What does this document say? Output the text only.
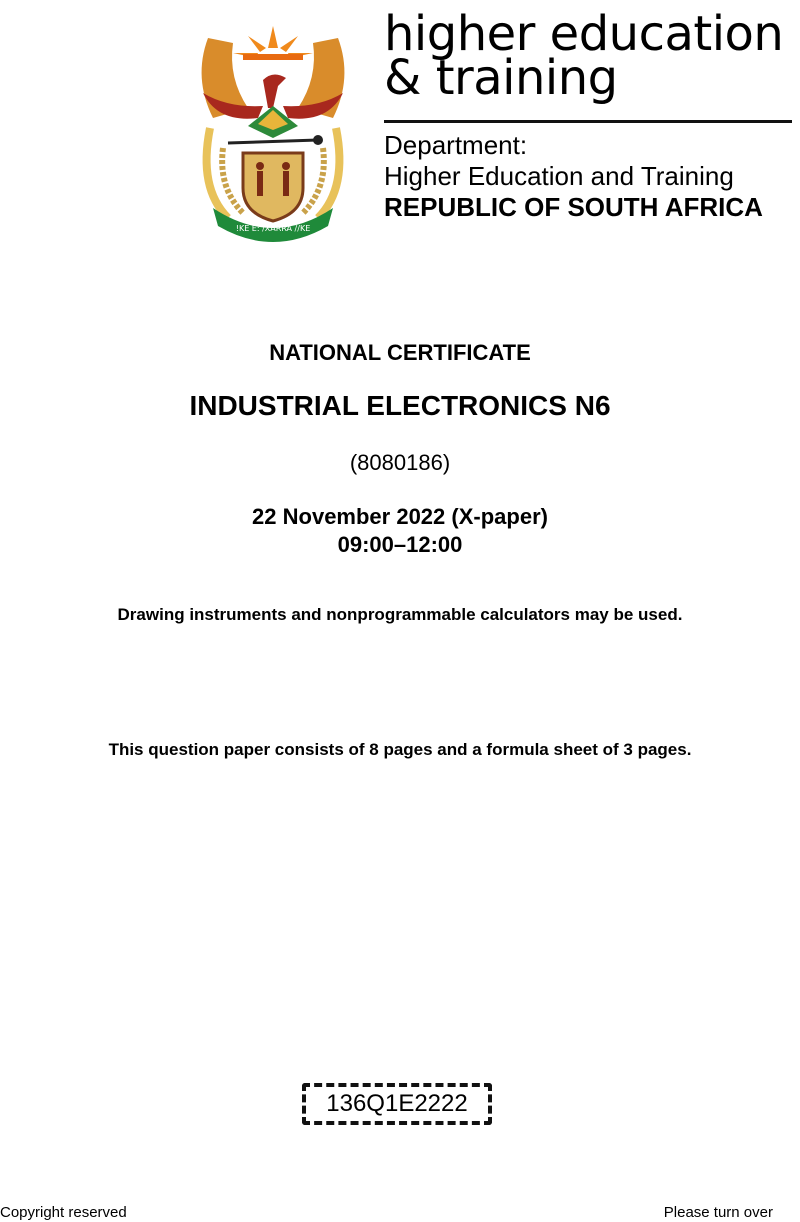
!KE E: /XARRA //KE
higher education
& training
Department:
Higher Education and Training
REPUBLIC OF SOUTH AFRICA
NATIONAL CERTIFICATE
INDUSTRIAL ELECTRONICS N6
(8080186)
22 November 2022 (X-paper)
09:00–12:00
Drawing instruments and nonprogrammable calculators may be used.
This question paper consists of 8 pages and a formula sheet of 3 pages.
136Q1E2222
Copyright reserved	Please turn over
